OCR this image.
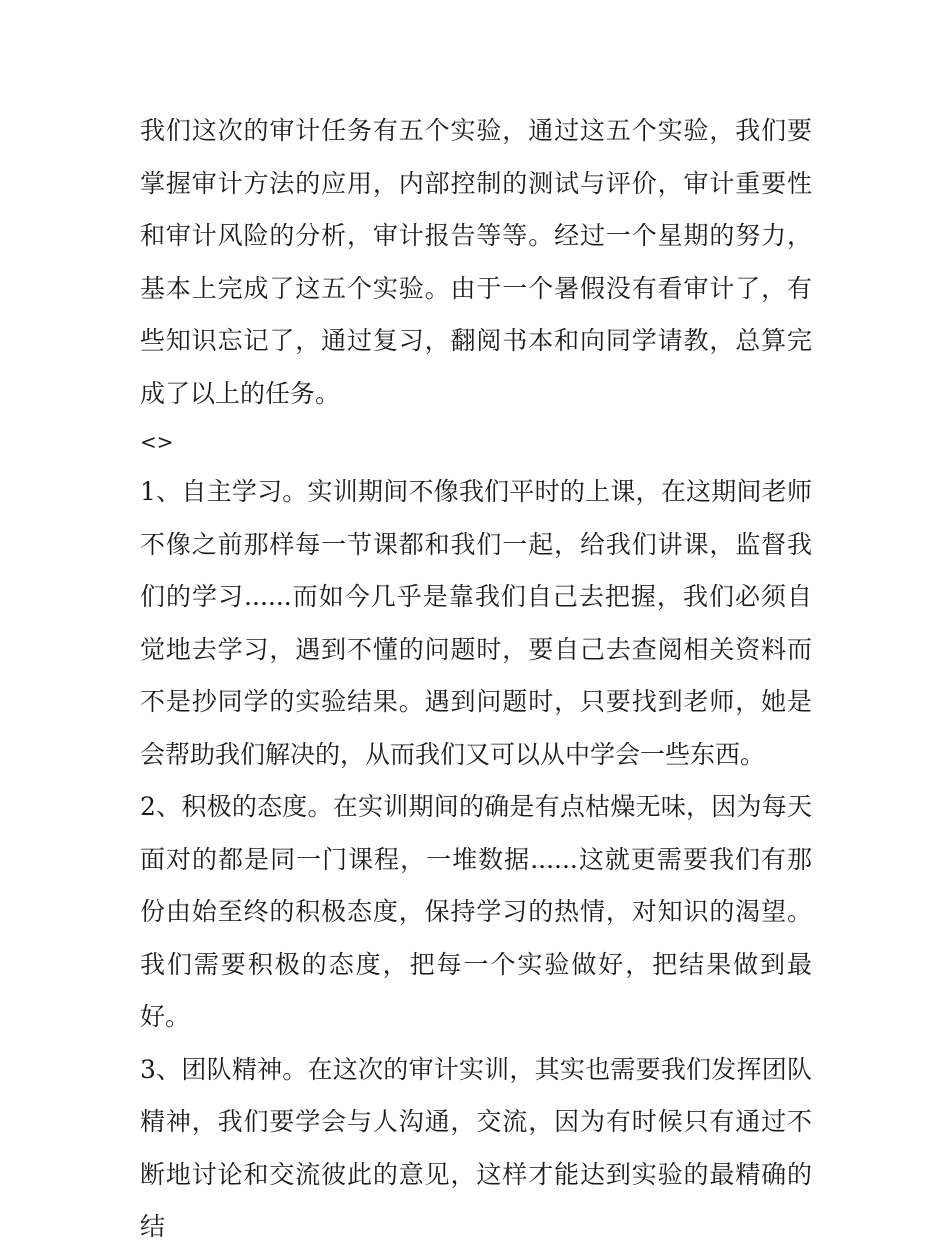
我们这次的审计任务有五个实验，通过这五个实验，我们要掌握审计方法的应用，内部控制的测试与评价，审计重要性和审计风险的分析，审计报告等等。经过一个星期的努力，基本上完成了这五个实验。由于一个暑假没有看审计了，有些知识忘记了，通过复习，翻阅书本和向同学请教，总算完成了以上的任务。

<>

1、自主学习。实训期间不像我们平时的上课，在这期间老师不像之前那样每一节课都和我们一起，给我们讲课，监督我们的学习......而如今几乎是靠我们自己去把握，我们必须自觉地去学习，遇到不懂的问题时，要自己去查阅相关资料而不是抄同学的实验结果。遇到问题时，只要找到老师，她是会帮助我们解决的，从而我们又可以从中学会一些东西。

2、积极的态度。在实训期间的确是有点枯燥无味，因为每天面对的都是同一门课程，一堆数据......这就更需要我们有那份由始至终的积极态度，保持学习的热情，对知识的渴望。我们需要积极的态度，把每一个实验做好，把结果做到最好。

3、团队精神。在这次的审计实训，其实也需要我们发挥团队精神，我们要学会与人沟通，交流，因为有时候只有通过不断地讨论和交流彼此的意见，这样才能达到实验的最精确的结
